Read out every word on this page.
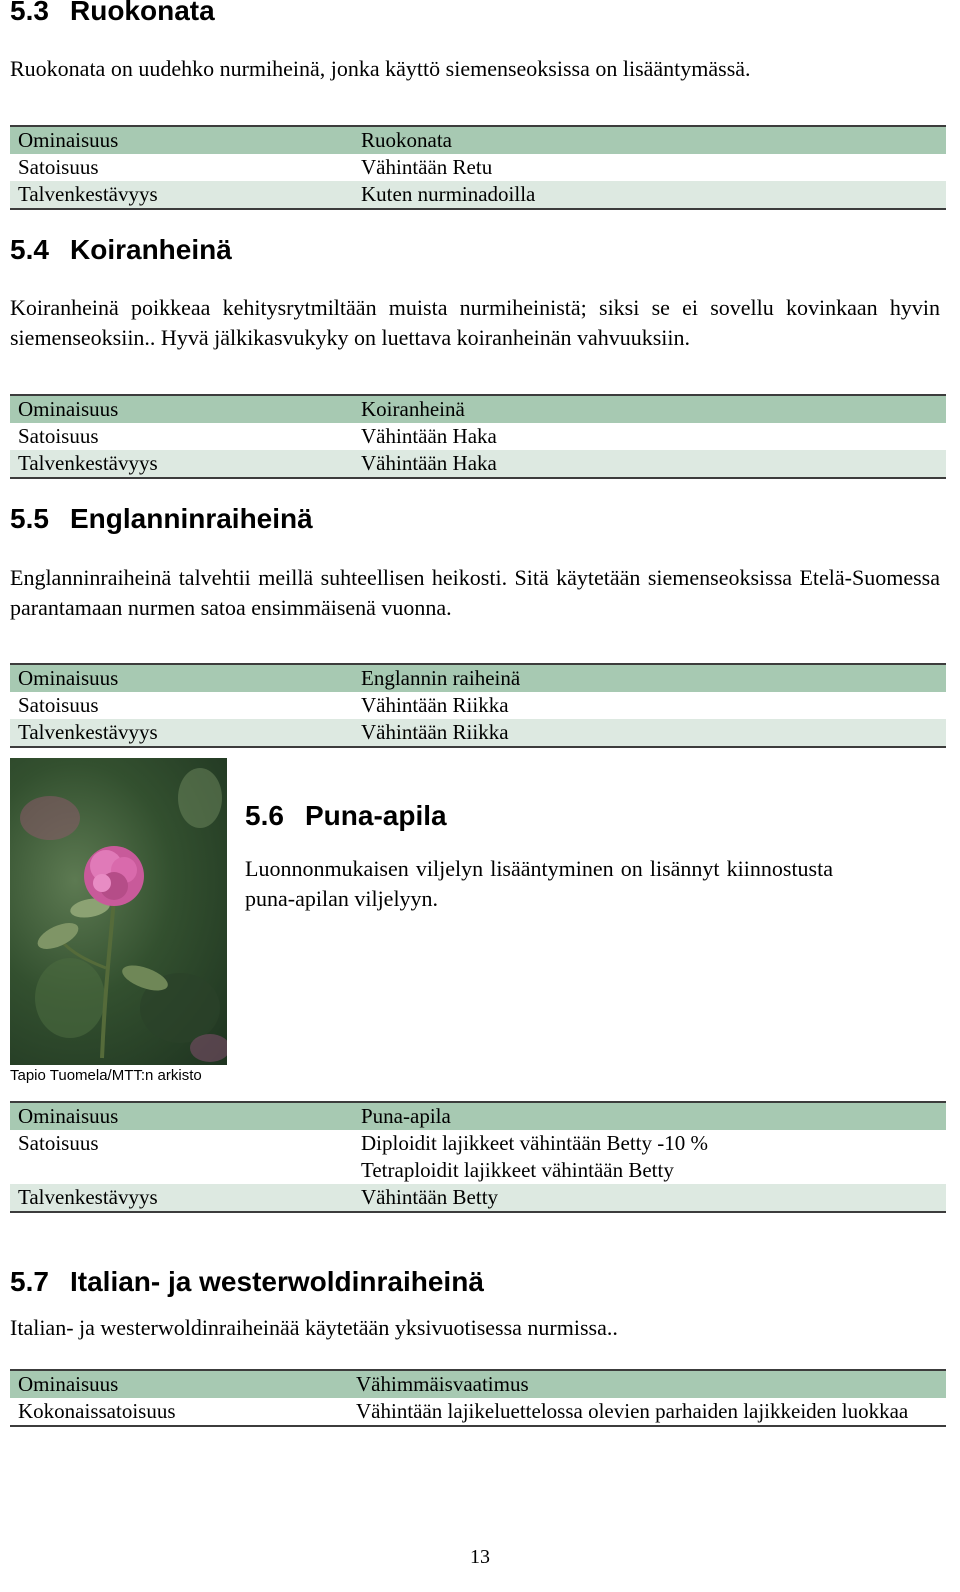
5.3 Ruokonata

Ruokonata on uudehko nurmiheinä, jonka käyttö siemenseoksissa on lisääntymässä.

Ominaisuus	Ruokonata
Satoisuus	Vähintään Retu
Talvenkestävyys	Kuten nurminadoilla
5.4 Koiranheinä

Koiranheinä poikkeaa kehitysrytmiltään muista nurmiheinistä; siksi se ei sovellu kovinkaan hyvin siemenseoksiin.. Hyvä jälkikasvukyky on luettava koiranheinän vahvuuksiin.

Ominaisuus	Koiranheinä
Satoisuus	Vähintään Haka
Talvenkestävyys	Vähintään Haka
5.5 Englanninraiheinä

Englanninraiheinä talvehtii meillä suhteellisen heikosti. Sitä käytetään siemenseoksissa Etelä-Suomessa parantamaan nurmen satoa ensimmäisenä vuonna.

Ominaisuus	Englannin raiheinä
Satoisuus	Vähintään Riikka
Talvenkestävyys	Vähintään Riikka
Tapio Tuomela/MTT:n arkisto
5.6 Puna-apila

Luonnonmukaisen viljelyn lisääntyminen on lisännyt kiinnostusta puna-apilan viljelyyn.

Ominaisuus	Puna-apila
Satoisuus	Diploidit lajikkeet vähintään Betty -10 %
	Tetraploidit lajikkeet vähintään Betty
Talvenkestävyys	Vähintään Betty
5.7 Italian- ja westerwoldinraiheinä

Italian- ja westerwoldinraiheinää käytetään yksivuotisessa nurmissa..

Ominaisuus	Vähimmäisvaatimus
Kokonaissatoisuus	Vähintään lajikeluettelossa olevien parhaiden lajikkeiden luokkaa
13
